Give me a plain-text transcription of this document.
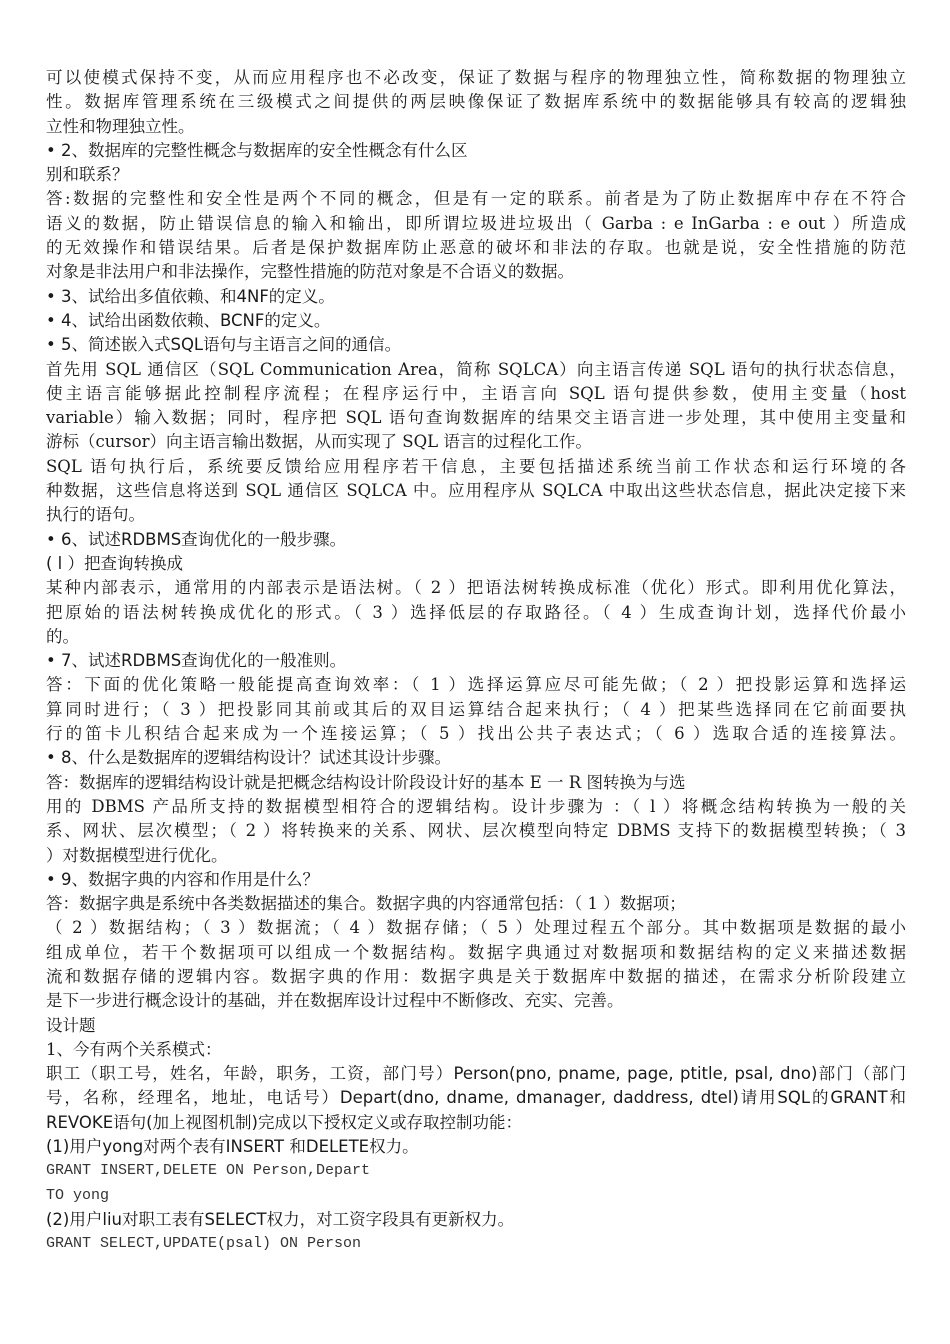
可以使模式保持不变，从而应用程序也不必改变，保证了数据与程序的物理独立性，简称数据的物理独立
性。数据库管理系统在三级模式之间提供的两层映像保证了数据库系统中的数据能够具有较高的逻辑独
立性和物理独立性。
• 2、数据库的完整性概念与数据库的安全性概念有什么区
别和联系？
答:数据的完整性和安全性是两个不同的概念，但是有一定的联系。前者是为了防止数据库中存在不符合
语义的数据，防止错误信息的输入和输出，即所谓垃圾进垃圾出（ Garba : e InGarba : e out ）所造成
的无效操作和错误结果。后者是保护数据库防止恶意的破坏和非法的存取。也就是说，安全性措施的防范
对象是非法用户和非法操作，完整性措施的防范对象是不合语义的数据。
• 3、试给出多值依赖、和4NF的定义。
• 4、试给出函数依赖、BCNF的定义。
• 5、简述嵌入式SQL语句与主语言之间的通信。
首先用 SQL 通信区（SQL Communication Area，简称 SQLCA）向主语言传递 SQL 语句的执行状态信息，
使主语言能够据此控制程序流程；在程序运行中，主语言向 SQL 语句提供参数，使用主变量（host
variable）输入数据；同时，程序把 SQL 语句查询数据库的结果交主语言进一步处理，其中使用主变量和
游标（cursor）向主语言输出数据，从而实现了 SQL 语言的过程化工作。
SQL 语句执行后，系统要反馈给应用程序若干信息，主要包括描述系统当前工作状态和运行环境的各
种数据，这些信息将送到 SQL 通信区 SQLCA 中。应用程序从 SQLCA 中取出这些状态信息，据此决定接下来
执行的语句。
• 6、试述RDBMS查询优化的一般步骤。
( l ）把查询转换成
某种内部表示，通常用的内部表示是语法树。（ 2 ）把语法树转换成标准（优化）形式。即利用优化算法，
把原始的语法树转换成优化的形式。（ 3 ）选择低层的存取路径。（ 4 ）生成查询计划，选择代价最小
的。
• 7、试述RDBMS查询优化的一般准则。
答：下面的优化策略一般能提高查询效率：（ 1 ）选择运算应尽可能先做；（ 2 ）把投影运算和选择运
算同时进行；（ 3 ）把投影同其前或其后的双目运算结合起来执行；（ 4 ）把某些选择同在它前面要执
行的笛卡儿积结合起来成为一个连接运算；（ 5 ）找出公共子表达式；（ 6 ）选取合适的连接算法。
• 8、什么是数据库的逻辑结构设计？试述其设计步骤。
答：数据库的逻辑结构设计就是把概念结构设计阶段设计好的基本 E 一 R 图转换为与选
用的 DBMS 产品所支持的数据模型相符合的逻辑结构。设计步骤为 ：（ l ）将概念结构转换为一般的关
系、网状、层次模型；（ 2 ）将转换来的关系、网状、层次模型向特定 DBMS 支持下的数据模型转换；（ 3
）对数据模型进行优化。
• 9、数据字典的内容和作用是什么？
答：数据字典是系统中各类数据描述的集合。数据字典的内容通常包括：（ 1 ）数据项；
（ 2 ）数据结构；（ 3 ）数据流；（ 4 ）数据存储；（ 5 ）处理过程五个部分。其中数据项是数据的最小
组成单位，若干个数据项可以组成一个数据结构。数据字典通过对数据项和数据结构的定义来描述数据
流和数据存储的逻辑内容。数据字典的作用：数据字典是关于数据库中数据的描述，在需求分析阶段建立
是下一步进行概念设计的基础，并在数据库设计过程中不断修改、充实、完善。
设计题
1、今有两个关系模式：
职工（职工号，姓名，年龄，职务，工资，部门号）Person(pno, pname, page, ptitle, psal, dno)部门（部门
号，名称，经理名，地址，电话号）Depart(dno, dname, dmanager, daddress, dtel)请用SQL的GRANT和
REVOKE语句(加上视图机制)完成以下授权定义或存取控制功能：
(1)用户yong对两个表有INSERT 和DELETE权力。
GRANT INSERT,DELETE ON Person,Depart
TO yong
(2)用户liu对职工表有SELECT权力，对工资字段具有更新权力。
GRANT SELECT,UPDATE(psal) ON Person
